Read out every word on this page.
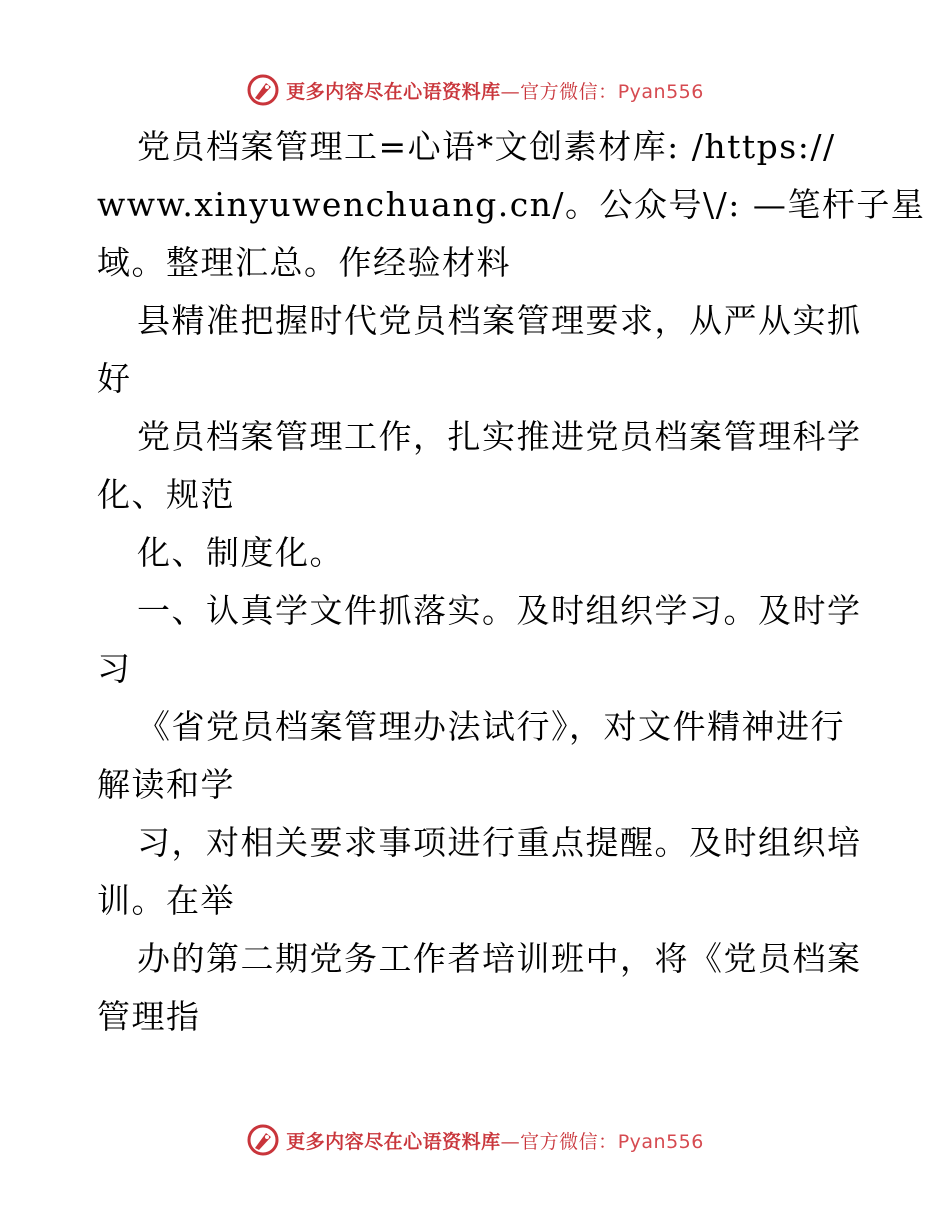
更多内容尽在心语资料库—官方微信：Pyan556
党员档案管理工=心语*文创素材库: /https://
www.xinyuwenchuang.cn/。公众号\/: —笔杆子星
域。整理汇总。作经验材料
县精准把握时代党员档案管理要求，从严从实抓
好
党员档案管理工作，扎实推进党员档案管理科学
化、规范
化、制度化。
一、认真学文件抓落实。及时组织学习。及时学
习
《省党员档案管理办法试行》，对文件精神进行
解读和学
习，对相关要求事项进行重点提醒。及时组织培
训。在举
办的第二期党务工作者培训班中，将《党员档案
管理指
更多内容尽在心语资料库—官方微信：Pyan556
